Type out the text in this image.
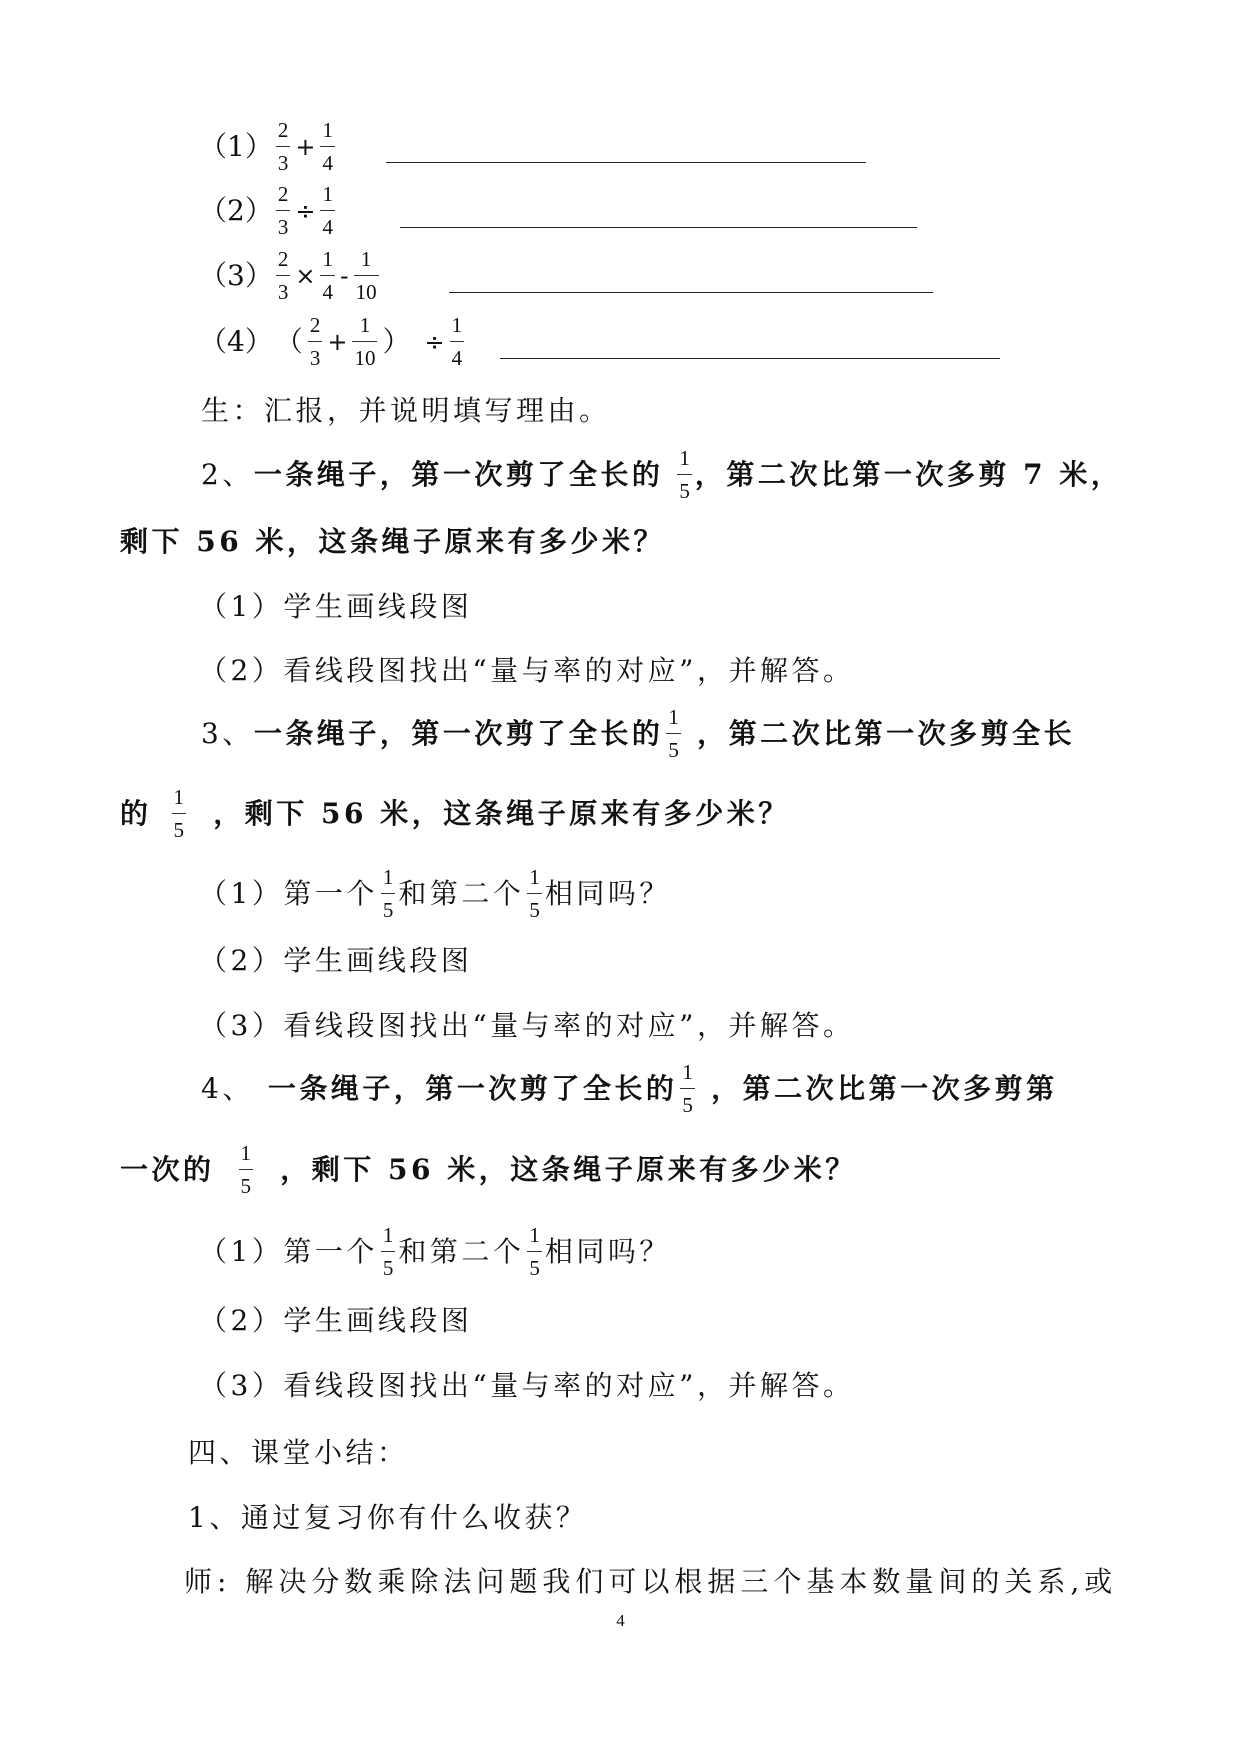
$(1) \frac{2}{3} + \frac{1}{4}$
$(2) \frac{2}{3} \div \frac{1}{4}$
$(3) \frac{2}{3} \times \frac{1}{4} - \frac{1}{10}$
（4） （ $\frac{2}{3} + \frac{1}{10}$ ） ÷ $\frac{1}{4}$
生：汇报，并说明填写理由。
2、 一条绳子，第一次剪了全长的 $\frac{1}{5}$ ，第二次比第一次多剪 7 米，
剩下 56 米，这条绳子原来有多少米？
（1）学生画线段图
（2）看线段图找出“量与率的对应”，并解答。
3、 一条绳子，第一次剪了全长的 $\frac{1}{5}$ ，第二次比第一次多剪全长
的 $\frac{1}{5}$ ，剩下 56 米，这条绳子原来有多少米？
（1）第一个 $\frac{1}{5}$ 和第二个 $\frac{1}{5}$ 相同吗？
（2）学生画线段图
（3）看线段图找出“量与率的对应”，并解答。
4、 一条绳子，第一次剪了全长的 $\frac{1}{5}$ ，第二次比第一次多剪第
一次的 $\frac{1}{5}$ ，剩下 56 米，这条绳子原来有多少米？
（1）第一个 $\frac{1}{5}$ 和第二个 $\frac{1}{5}$ 相同吗？
（2）学生画线段图
（3）看线段图找出“量与率的对应”，并解答。
四、课堂小结：
1、通过复习你有什么收获？
师: 解决分数乘除法问题我们可以根据三个基本数量间的关系,或
4
